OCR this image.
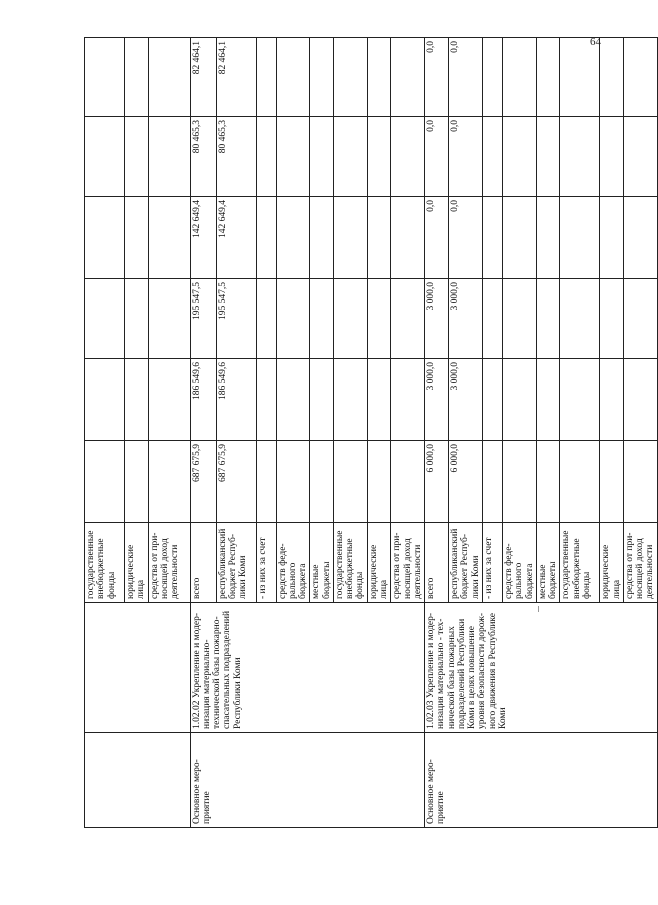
64
		государственные внебюджетные фонды						
		юридические лица						
		средства от при-носящей доход деятельности						
Основное меро-приятие	1.02.02 Укрепление и модер-низация материально-технической базы пожарно-спасательных подразделений Республики Коми	всего	687 675,9	186 549,6	195 547,5	142 649,4	80 465,3	82 464,1
		республиканский бюджет Респуб-лики Коми	687 675,9	186 549,6	195 547,5	142 649,4	80 465,3	82 464,1
		- из них за счет						
		средств феде-рального бюджета						
		местные бюджеты						
		государственные внебюджетные фонды						
		юридические лица						
		средства от при-носящей доход деятельности						
Основное меро-приятие	1.02.03 Укрепление и модер-низация материально - тех-нической базы пожарных подразделений Республики Коми в целях повышение уровня безопасности дорож-ного движения в Республике Коми	всего	6 000,0	3 000,0	3 000,0	0,0	0,0	0,0
		республиканский бюджет Респуб-лики Коми	6 000,0	3 000,0	3 000,0	0,0	0,0	0,0
		- из них за счет						
		средств феде-рального бюджета						
		местные бюджеты						
		государственные внебюджетные фонды						
		юридические лица						
		средства от при-носящей доход деятельности						
